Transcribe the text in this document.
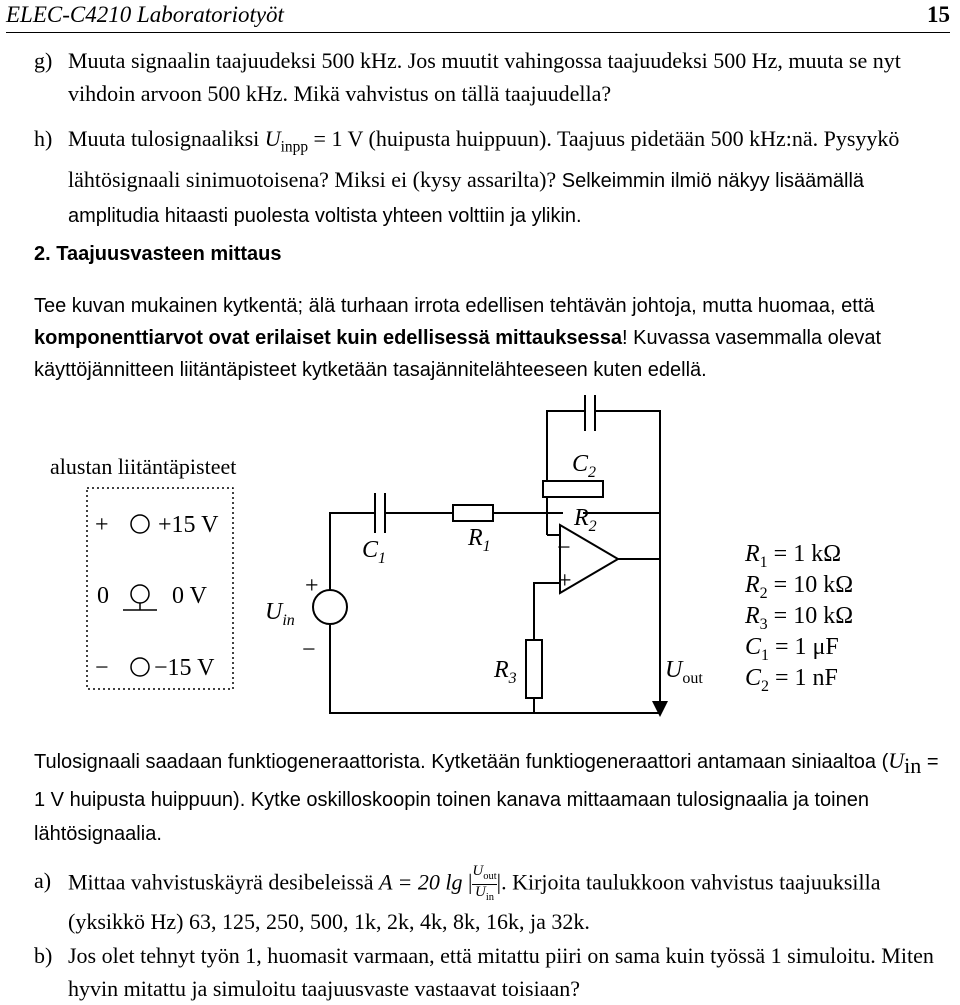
ELEC-C4210 Laboratoriotyöt	15
g) Muuta signaalin taajuudeksi 500 kHz. Jos muutit vahingossa taajuudeksi 500 Hz, muuta se nyt vihdoin arvoon 500 kHz. Mikä vahvistus on tällä taajuudella?
h) Muuta tulosignaaliksi $U_{inpp} = 1$ V (huipusta huippuun). Taajuus pidetään 500 kHz:nä. Pysyykö lähtösignaali sinimuotoisena? Miksi ei (kysy assarilta)? Selkeimmin ilmiö näkyy lisäämällä amplitudia hitaasti puolesta voltista yhteen volttiin ja ylikin.
2. Taajuusvasteen mittaus
Tee kuvan mukainen kytkentä; älä turhaan irrota edellisen tehtävän johtoja, mutta huomaa, että komponenttiarvot ovat erilaiset kuin edellisessä mittauksessa! Kuvassa vasemmalla olevat käyttöjännitteen liitäntäpisteet kytketään tasajännitelähteeseen kuten edellä.
alustan liitäntäpisteet
+ +15 V
0	0 V
− −15 V
+
−
$U_{in}$
$C_1$
$R_1$
$C_2$
$R_2$
−
+
$R_3$	$U_{out}$
$R_1 = 1$ kΩ
$R_2 = 10$ kΩ
$R_3 = 10$ kΩ
$C_1 = 1$ μF
$C_2 = 1$ nF
Tulosignaali saadaan funktiogeneraattorista. Kytketään funktiogeneraattori antamaan siniaaltoa ($U_{in} = 1$ V huipusta huippuun). Kytke oskilloskoopin toinen kanava mittaamaan tulosignaalia ja toinen lähtösignaalia.
a) Mittaa vahvistuskäyrä desibeleissä A = 20 lg | $U_{out}$
$U_{in}$
|. Kirjoita taulukkoon vahvistus taajuuksilla (yksikkö Hz) 63, 125, 250, 500, 1k, 2k, 4k, 8k, 16k, ja 32k.
b) Jos olet tehnyt työn 1, huomasit varmaan, että mitattu piiri on sama kuin työssä 1 simuloitu. Miten hyvin mitattu ja simuloitu taajuusvaste vastaavat toisiaan?
